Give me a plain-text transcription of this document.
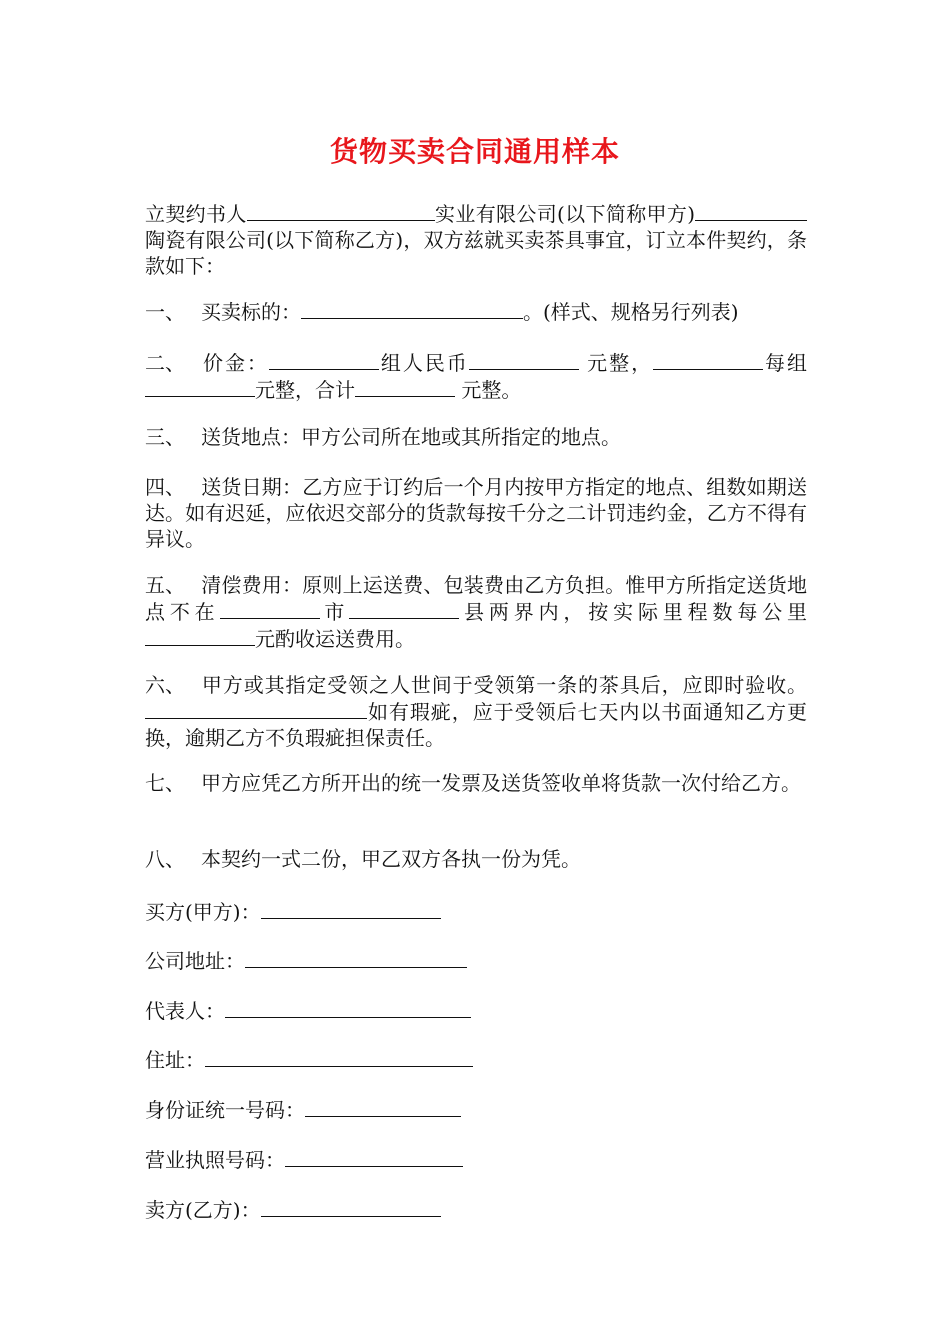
货物买卖合同通用样本
立契约书人	实业有限公司(以下简称甲方)陶瓷有限公司(以下简称乙方)，双方兹就买卖茶具事宜，订立本件契约，条款如下：
一、 买卖标的：	。(样式、规格另行列表)
二、 价金：	组人民币	元整，	每组元整，合计	元整。
三、 送货地点：甲方公司所在地或其所指定的地点。
四、 送货日期：乙方应于订约后一个月内按甲方指定的地点、组数如期送达。如有迟延，应依迟交部分的货款每按千分之二计罚违约金，乙方不得有异议。
五、 清偿费用：原则上运送费、包装费由乙方负担。惟甲方所指定送货地点不在	市	县两界内，按实际里程数每公里元酌收运送费用。
六、 甲方或其指定受领之人世间于受领第一条的茶具后，应即时验收。如有瑕疵，应于受领后七天内以书面通知乙方更换，逾期乙方不负瑕疵担保责任。
七、 甲方应凭乙方所开出的统一发票及送货签收单将货款一次付给乙方。
八、 本契约一式二份，甲乙双方各执一份为凭。
买方(甲方)：
公司地址：
代表人：
住址：
身份证统一号码：
营业执照号码：
卖方(乙方)：
